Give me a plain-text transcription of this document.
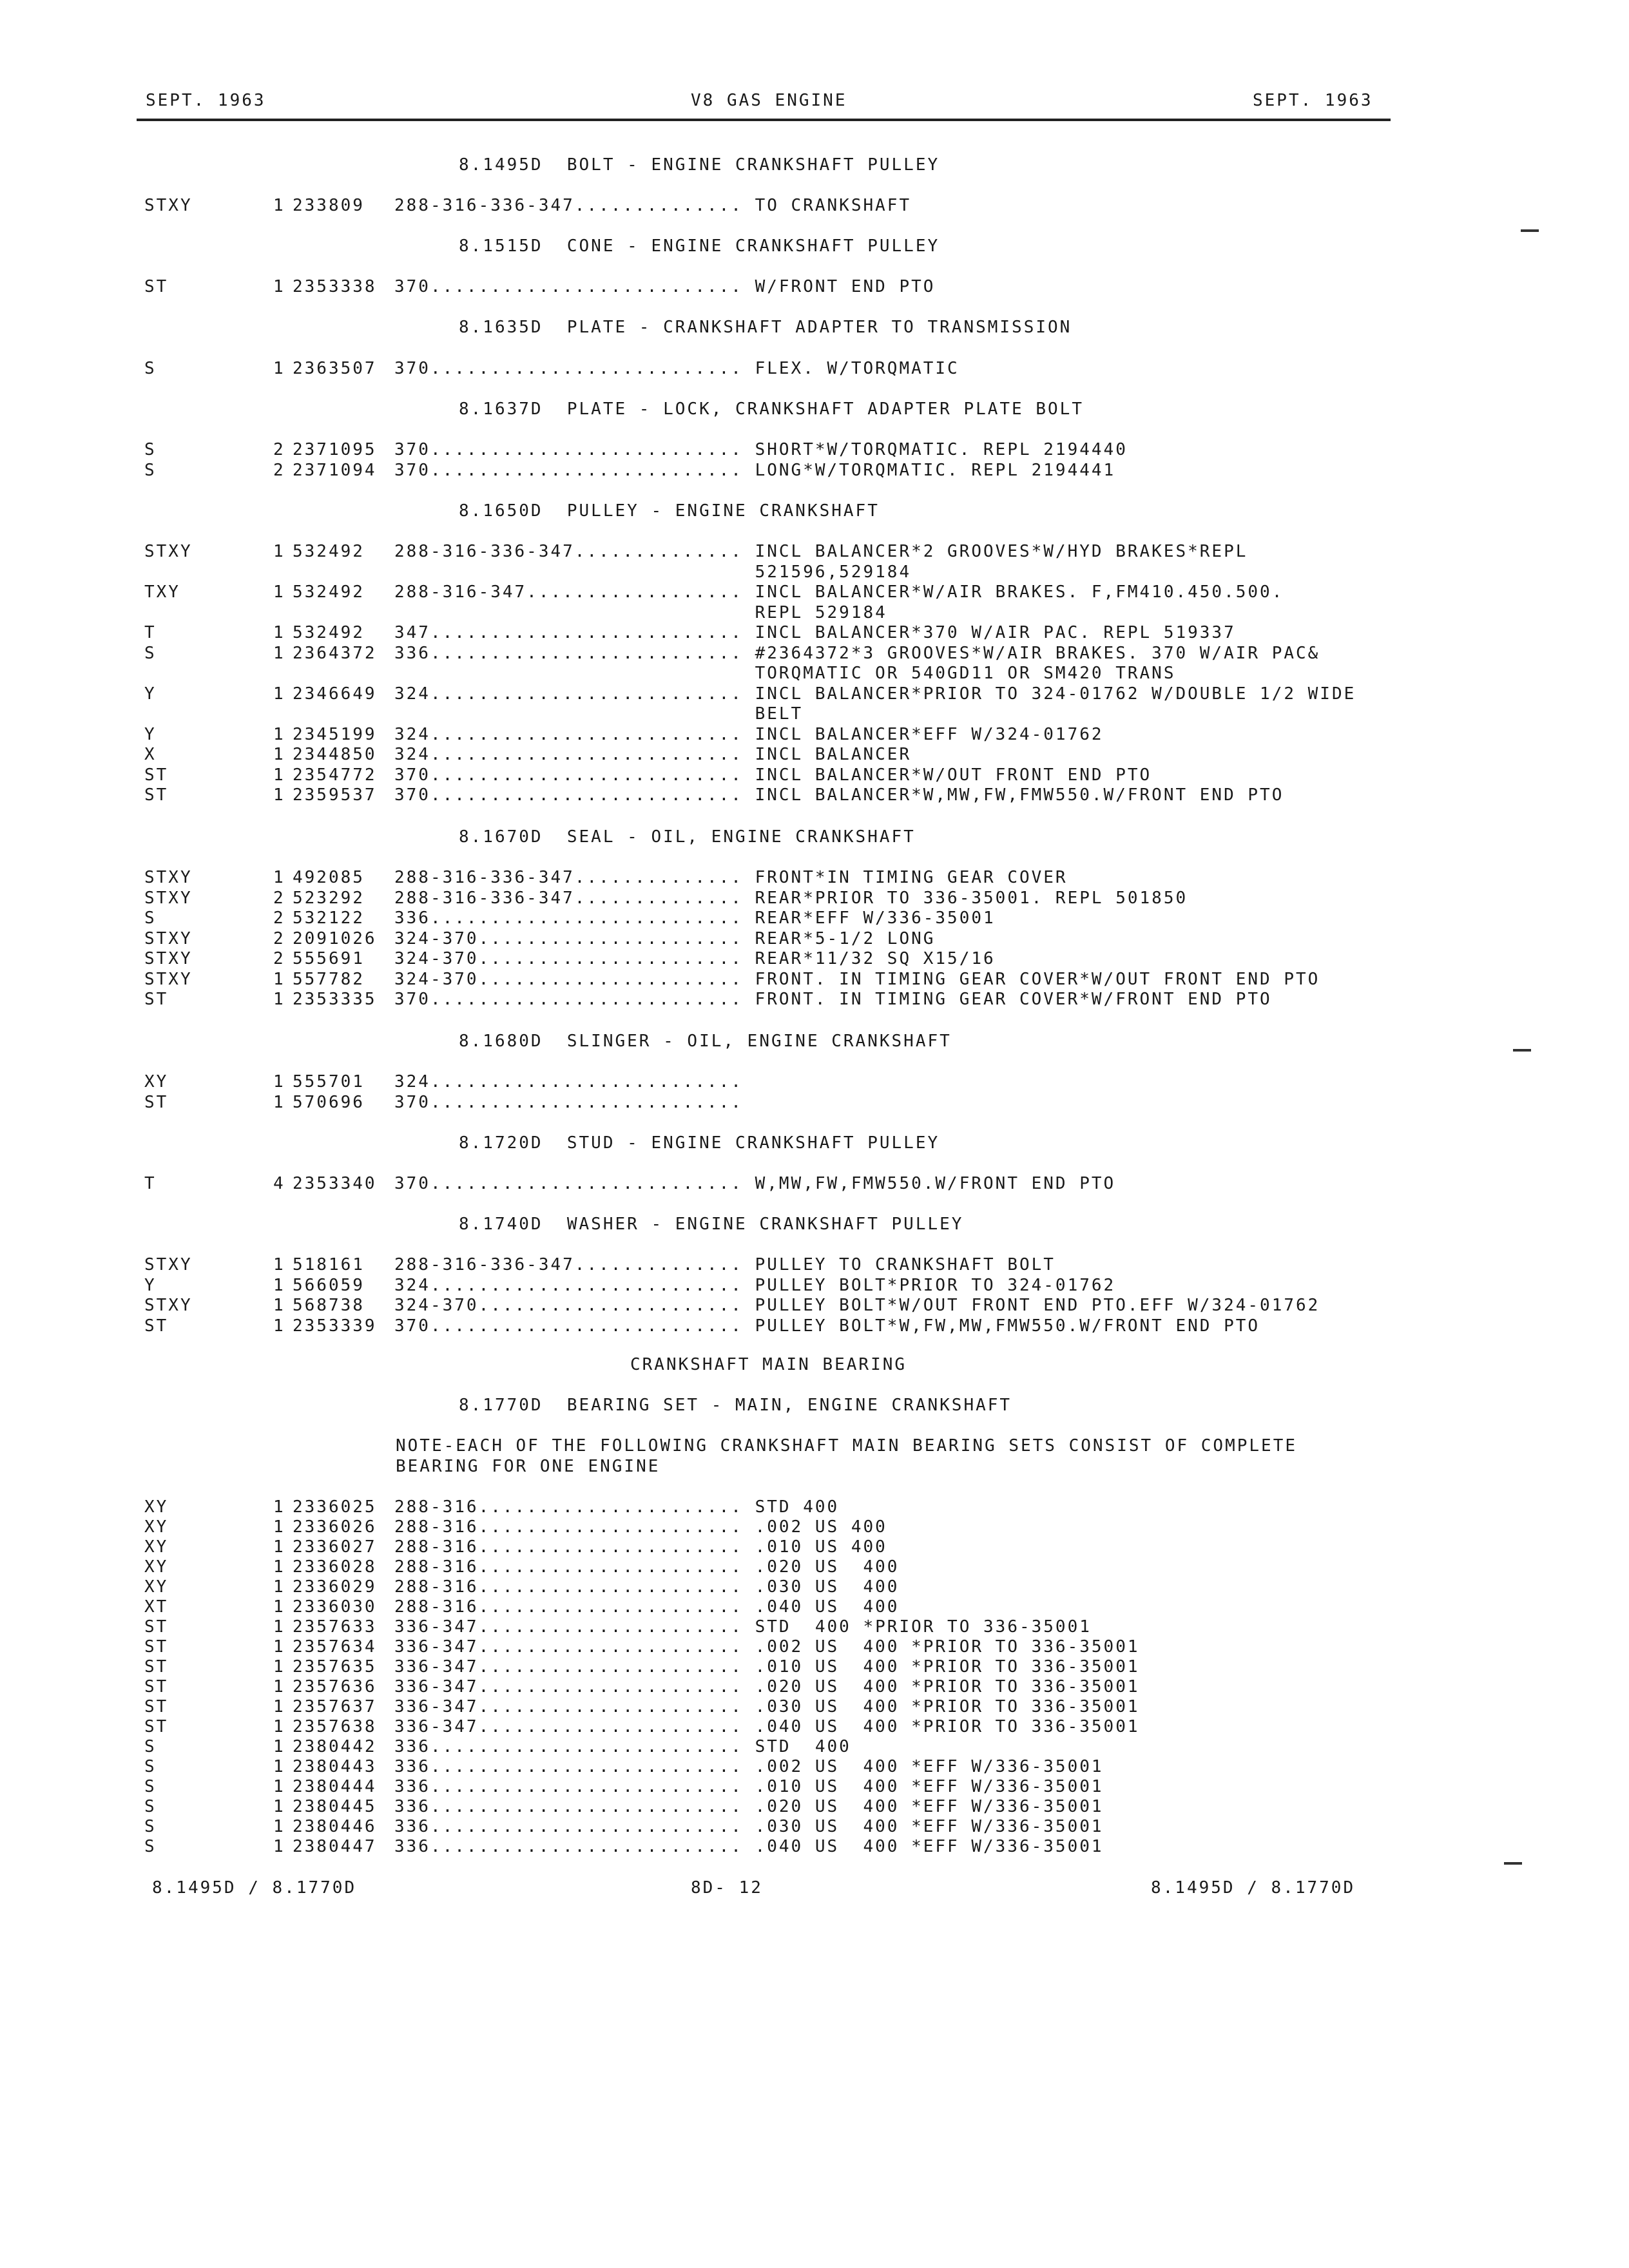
SEPT. 1963	V8 GAS ENGINE	SEPT. 1963
8.1495D  BOLT - ENGINE CRANKSHAFT PULLEY
STXY	1 233809 288-316-336-347.............. TO CRANKSHAFT
8.1515D  CONE - ENGINE CRANKSHAFT PULLEY
ST	1 2353338 370.......................... W/FRONT END PTO
8.1635D  PLATE - CRANKSHAFT ADAPTER TO TRANSMISSION
S	1 2363507 370.......................... FLEX. W/TORQMATIC
8.1637D  PLATE - LOCK, CRANKSHAFT ADAPTER PLATE BOLT
S	2 2371095 370.......................... SHORT*W/TORQMATIC. REPL 2194440
S	2 2371094 370.......................... LONG*W/TORQMATIC. REPL 2194441
8.1650D  PULLEY - ENGINE CRANKSHAFT
STXY	1 532492 288-316-336-347.............. INCL BALANCER*2 GROOVES*W/HYD BRAKES*REPL
521596,529184
TXY	1 532492 288-316-347.................. INCL BALANCER*W/AIR BRAKES. F,FM410.450.500.
REPL 529184
T	1 532492 347.......................... INCL BALANCER*370 W/AIR PAC. REPL 519337
S	1 2364372 336.......................... #2364372*3 GROOVES*W/AIR BRAKES. 370 W/AIR PAC&
TORQMATIC OR 540GD11 OR SM420 TRANS
Y	1 2346649 324.......................... INCL BALANCER*PRIOR TO 324-01762 W/DOUBLE 1/2 WIDE
BELT
Y	1 2345199 324.......................... INCL BALANCER*EFF W/324-01762
X	1 2344850 324.......................... INCL BALANCER
ST	1 2354772 370.......................... INCL BALANCER*W/OUT FRONT END PTO
ST	1 2359537 370.......................... INCL BALANCER*W,MW,FW,FMW550.W/FRONT END PTO
8.1670D  SEAL - OIL, ENGINE CRANKSHAFT
STXY	1 492085 288-316-336-347.............. FRONT*IN TIMING GEAR COVER
STXY	2 523292 288-316-336-347.............. REAR*PRIOR TO 336-35001. REPL 501850
S	2 532122 336.......................... REAR*EFF W/336-35001
STXY	2 2091026 324-370...................... REAR*5-1/2 LONG
STXY	2 555691 324-370...................... REAR*11/32 SQ X15/16
STXY	1 557782 324-370...................... FRONT. IN TIMING GEAR COVER*W/OUT FRONT END PTO
ST	1 2353335 370.......................... FRONT. IN TIMING GEAR COVER*W/FRONT END PTO
8.1680D  SLINGER - OIL, ENGINE CRANKSHAFT
XY	1 555701 324..........................
ST	1 570696 370..........................
8.1720D  STUD - ENGINE CRANKSHAFT PULLEY
T	4 2353340 370.......................... W,MW,FW,FMW550.W/FRONT END PTO
8.1740D  WASHER - ENGINE CRANKSHAFT PULLEY
STXY	1 518161 288-316-336-347.............. PULLEY TO CRANKSHAFT BOLT
Y	1 566059 324.......................... PULLEY BOLT*PRIOR TO 324-01762
STXY	1 568738 324-370...................... PULLEY BOLT*W/OUT FRONT END PTO.EFF W/324-01762
ST	1 2353339 370.......................... PULLEY BOLT*W,FW,MW,FMW550.W/FRONT END PTO
CRANKSHAFT MAIN BEARING
8.1770D  BEARING SET - MAIN, ENGINE CRANKSHAFT
NOTE-EACH OF THE FOLLOWING CRANKSHAFT MAIN BEARING SETS CONSIST OF COMPLETE
BEARING FOR ONE ENGINE
XY	1 2336025 288-316...................... STD 400
XY	1 2336026 288-316...................... .002 US 400
XY	1 2336027 288-316...................... .010 US 400
XY	1 2336028 288-316...................... .020 US  400
XY	1 2336029 288-316...................... .030 US  400
XT	1 2336030 288-316...................... .040 US  400
ST	1 2357633 336-347...................... STD  400 *PRIOR TO 336-35001
ST	1 2357634 336-347...................... .002 US  400 *PRIOR TO 336-35001
ST	1 2357635 336-347...................... .010 US  400 *PRIOR TO 336-35001
ST	1 2357636 336-347...................... .020 US  400 *PRIOR TO 336-35001
ST	1 2357637 336-347...................... .030 US  400 *PRIOR TO 336-35001
ST	1 2357638 336-347...................... .040 US  400 *PRIOR TO 336-35001
S	1 2380442 336.......................... STD  400
S	1 2380443 336.......................... .002 US  400 *EFF W/336-35001
S	1 2380444 336.......................... .010 US  400 *EFF W/336-35001
S	1 2380445 336.......................... .020 US  400 *EFF W/336-35001
S	1 2380446 336.......................... .030 US  400 *EFF W/336-35001
S	1 2380447 336.......................... .040 US  400 *EFF W/336-35001
8.1495D / 8.1770D	8D- 12	8.1495D / 8.1770D
